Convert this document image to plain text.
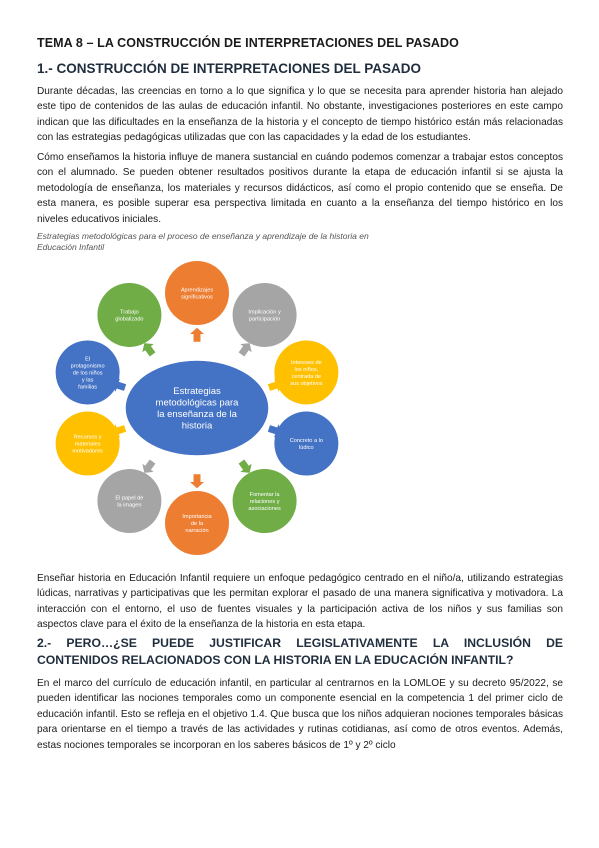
TEMA 8 – LA CONSTRUCCIÓN DE INTERPRETACIONES DEL PASADO
1.- CONSTRUCCIÓN DE INTERPRETACIONES DEL PASADO
Durante décadas, las creencias en torno a lo que significa y lo que se necesita para aprender historia han alejado este tipo de contenidos de las aulas de educación infantil. No obstante, investigaciones posteriores en este campo indican que las dificultades en la enseñanza de la historia y el concepto de tiempo histórico están más relacionadas con las estrategias pedagógicas utilizadas que con las capacidades y la edad de los estudiantes.
Cómo enseñamos la historia influye de manera sustancial en cuándo podemos comenzar a trabajar estos conceptos con el alumnado. Se pueden obtener resultados positivos durante la etapa de educación infantil si se ajusta la metodología de enseñanza, los materiales y recursos didácticos, así como el propio contenido que se enseña. De esta manera, es posible superar esa perspectiva limitada en cuanto a la enseñanza del tiempo histórico en los niveles educativos iniciales.
Estrategias metodológicas para el proceso de enseñanza y aprendizaje de la historia en Educación Infantil
Aprendizajes significativos
Implicación y participación
Intereses de los niños, centrada de sus objetivos
Concreto a lo lúdico
Fomentar la relaciones y asociaciones
Importancia de la narración
El papel de la imagen
Recursos y materiales motivadores
El protagonismo de los niños y las familias
Trabajo globalizado
Estrategias metodológicas para la enseñanza de la historia
Enseñar historia en Educación Infantil requiere un enfoque pedagógico centrado en el niño/a, utilizando estrategias lúdicas, narrativas y participativas que les permitan explorar el pasado de una manera significativa y motivadora. La interacción con el entorno, el uso de fuentes visuales y la participación activa de los niños y sus familias son aspectos clave para el éxito de la enseñanza de la historia en esta etapa.
2.- PERO…¿SE PUEDE JUSTIFICAR LEGISLATIVAMENTE LA INCLUSIÓN DE CONTENIDOS RELACIONADOS CON LA HISTORIA EN LA EDUCACIÓN INFANTIL?
En el marco del currículo de educación infantil, en particular al centrarnos en la LOMLOE y su decreto 95/2022, se pueden identificar las nociones temporales como un componente esencial en la competencia 1 del primer ciclo de educación infantil. Esto se refleja en el objetivo 1.4. Que busca que los niños adquieran nociones temporales básicas para orientarse en el tiempo a través de las actividades y rutinas cotidianas, así como de otros eventos. Además, estas nociones temporales se incorporan en los saberes básicos de 1º y 2º ciclo
